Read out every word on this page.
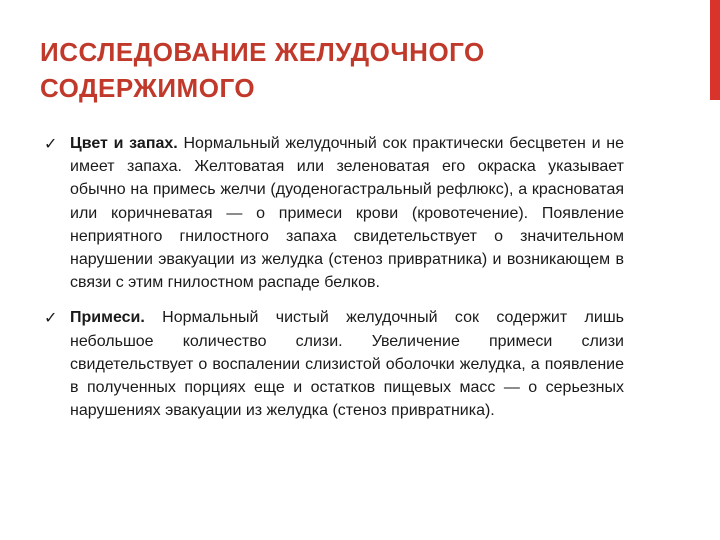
ИССЛЕДОВАНИЕ ЖЕЛУДОЧНОГО СОДЕРЖИМОГО
✓ Цвет и запах. Нормальный желудочный сок практически бесцветен и не имеет запаха. Желтоватая или зеленоватая его окраска указывает обычно на примесь желчи (дуоденогастральный рефлюкс), а красноватая или коричневатая — о примеси крови (кровотечение). Появление неприятного гнилостного запаха свидетельствует о значительном нарушении эвакуации из желудка (стеноз привратника) и возникающем в связи с этим гнилостном распаде белков.

✓ Примеси. Нормальный чистый желудочный сок содержит лишь небольшое количество слизи. Увеличение примеси слизи свидетельствует о воспалении слизистой оболочки желудка, а появление в полученных порциях еще и остатков пищевых масс — о серьезных нарушениях эвакуации из желудка (стеноз привратника).
